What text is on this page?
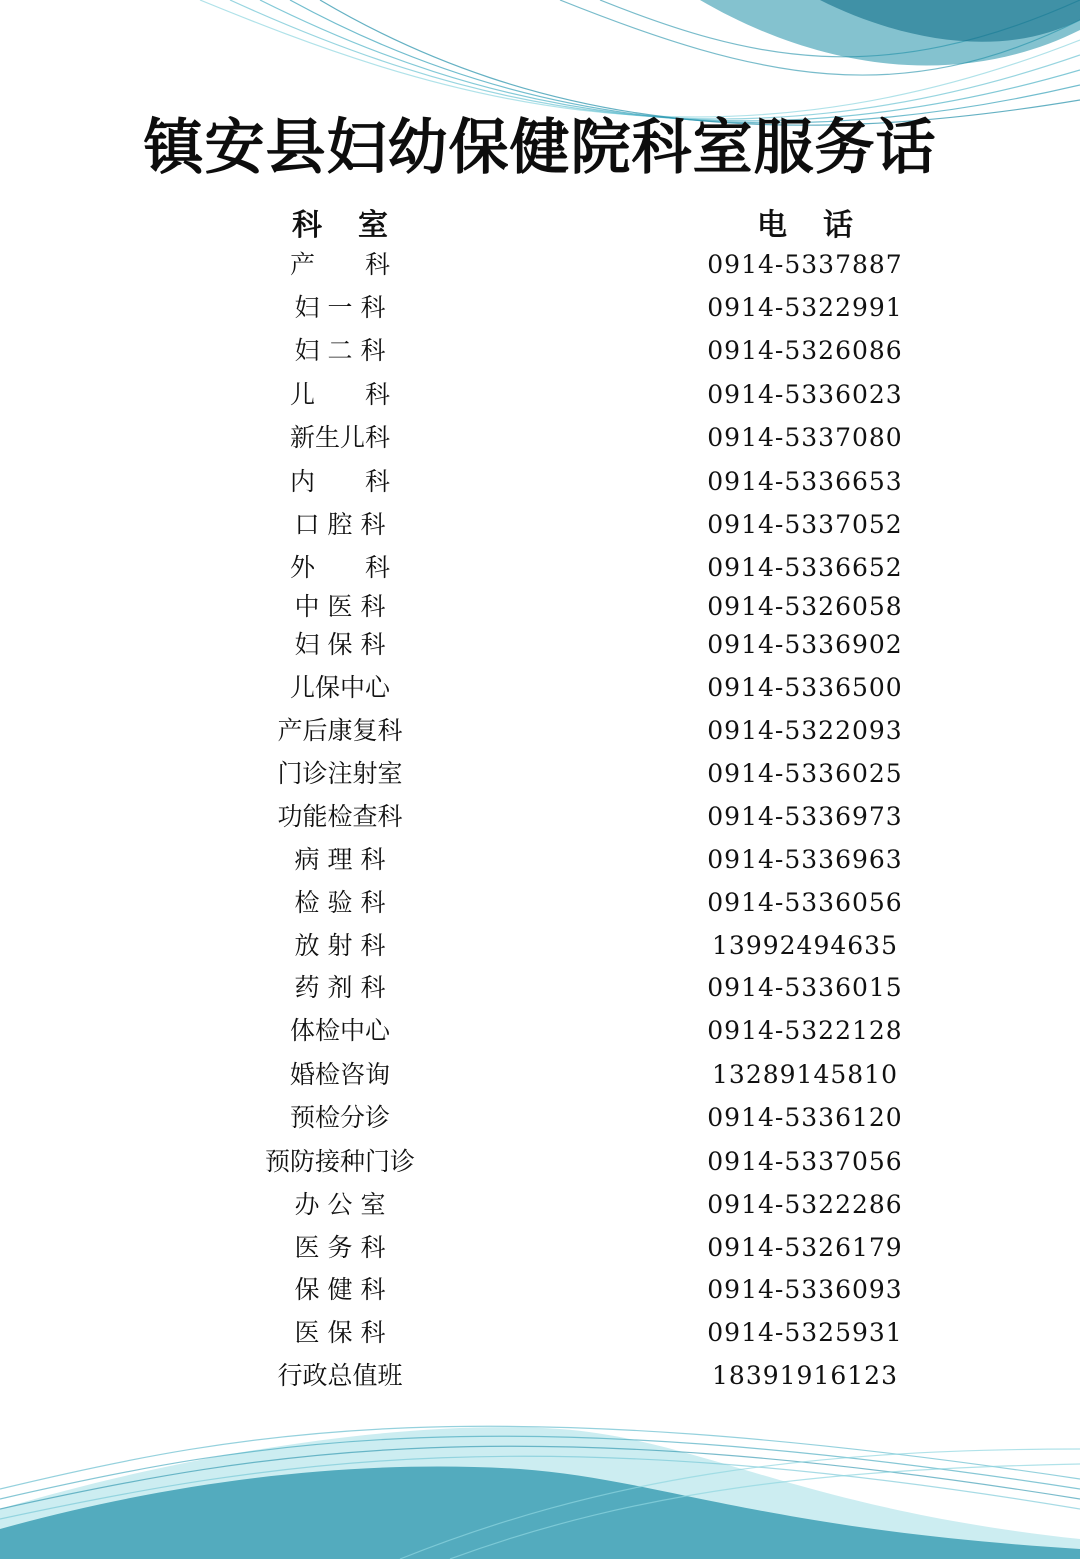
镇安县妇幼保健院科室服务话
科室	电话
产　　科	0914-5337887
妇 一 科	0914-5322991
妇 二 科	0914-5326086
儿　　科	0914-5336023
新生儿科	0914-5337080
内　　科	0914-5336653
口 腔 科	0914-5337052
外　　科	0914-5336652
中 医 科	0914-5326058
妇 保 科	0914-5336902
儿保中心	0914-5336500
产后康复科	0914-5322093
门诊注射室	0914-5336025
功能检查科	0914-5336973
病 理 科	0914-5336963
检 验 科	0914-5336056
放 射 科	13992494635
药 剂 科	0914-5336015
体检中心	0914-5322128
婚检咨询	13289145810
预检分诊	0914-5336120
预防接种门诊	0914-5337056
办 公 室	0914-5322286
医 务 科	0914-5326179
保 健 科	0914-5336093
医 保 科	0914-5325931
行政总值班	18391916123
